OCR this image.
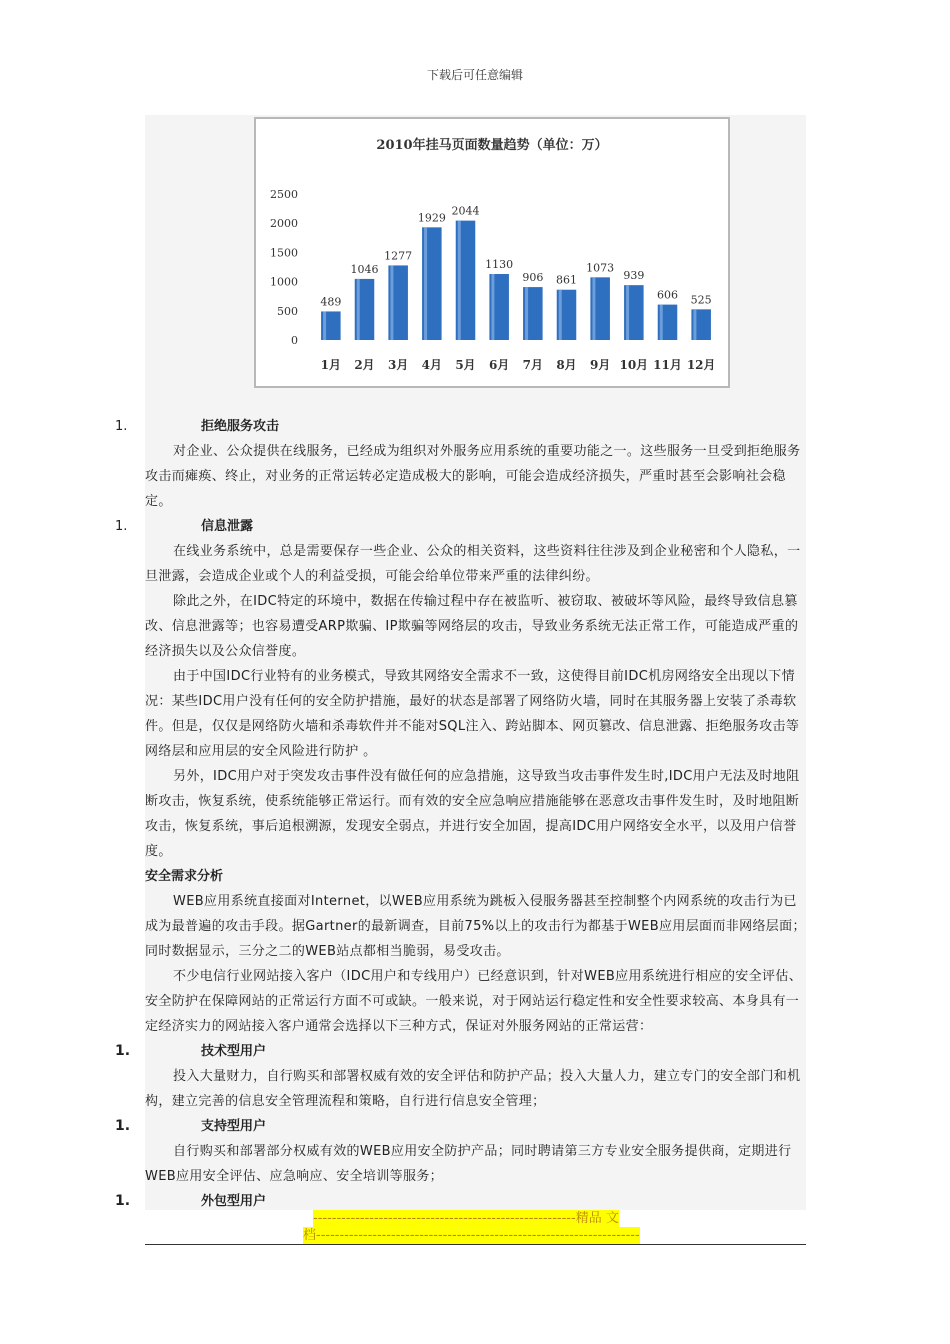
下载后可任意编辑
2010年挂马页面数量趋势（单位：万）
0
500
1000
1500
2000
2500
1月 2月 3月 4月 5月 6月 7月 8月 9月 10月 11月 12月
489
1046
1277
1929
2044
1130
906 861
1073
939
606 525
1.	拒绝服务攻击
对企业、公众提供在线服务，已经成为组织对外服务应用系统的重要功能之一。这些服务一旦受到拒绝服务攻击而瘫痪、终止，对业务的正常运转必定造成极大的影响，可能会造成经济损失，严重时甚至会影响社会稳定。
1.	信息泄露
在线业务系统中，总是需要保存一些企业、公众的相关资料，这些资料往往涉及到企业秘密和个人隐私，一旦泄露，会造成企业或个人的利益受损，可能会给单位带来严重的法律纠纷。
除此之外，在IDC特定的环境中，数据在传输过程中存在被监听、被窃取、被破坏等风险，最终导致信息篡改、信息泄露等；也容易遭受ARP欺骗、IP欺骗等网络层的攻击，导致业务系统无法正常工作，可能造成严重的经济损失以及公众信誉度。
由于中国IDC行业特有的业务模式，导致其网络安全需求不一致，这使得目前IDC机房网络安全出现以下情况：某些IDC用户没有任何的安全防护措施，最好的状态是部署了网络防火墙，同时在其服务器上安装了杀毒软件。但是，仅仅是网络防火墙和杀毒软件并不能对SQL注入、跨站脚本、网页篡改、信息泄露、拒绝服务攻击等网络层和应用层的安全风险进行防护 。
另外，IDC用户对于突发攻击事件没有做任何的应急措施，这导致当攻击事件发生时,IDC用户无法及时地阻断攻击，恢复系统，使系统能够正常运行。而有效的安全应急响应措施能够在恶意攻击事件发生时，及时地阻断攻击，恢复系统，事后追根溯源，发现安全弱点，并进行安全加固，提高IDC用户网络安全水平，以及用户信誉度。
安全需求分析
WEB应用系统直接面对Internet，以WEB应用系统为跳板入侵服务器甚至控制整个内网系统的攻击行为已成为最普遍的攻击手段。据Gartner的最新调查，目前75%以上的攻击行为都基于WEB应用层面而非网络层面；同时数据显示，三分之二的WEB站点都相当脆弱，易受攻击。
不少电信行业网站接入客户（IDC用户和专线用户）已经意识到，针对WEB应用系统进行相应的安全评估、安全防护在保障网站的正常运行方面不可或缺。一般来说，对于网站运行稳定性和安全性要求较高、本身具有一定经济实力的网站接入客户通常会选择以下三种方式，保证对外服务网站的正常运营：
1.	技术型用户
投入大量财力，自行购买和部署权威有效的安全评估和防护产品；投入大量人力，建立专门的安全部门和机构，建立完善的信息安全管理流程和策略，自行进行信息安全管理；
1.	支持型用户
自行购买和部署部分权威有效的WEB应用安全防护产品；同时聘请第三方专业安全服务提供商，定期进行WEB应用安全评估、应急响应、安全培训等服务；
1.	外包型用户
--------------------------------------------------------精品 文
档---------------------------------------------------------------------
